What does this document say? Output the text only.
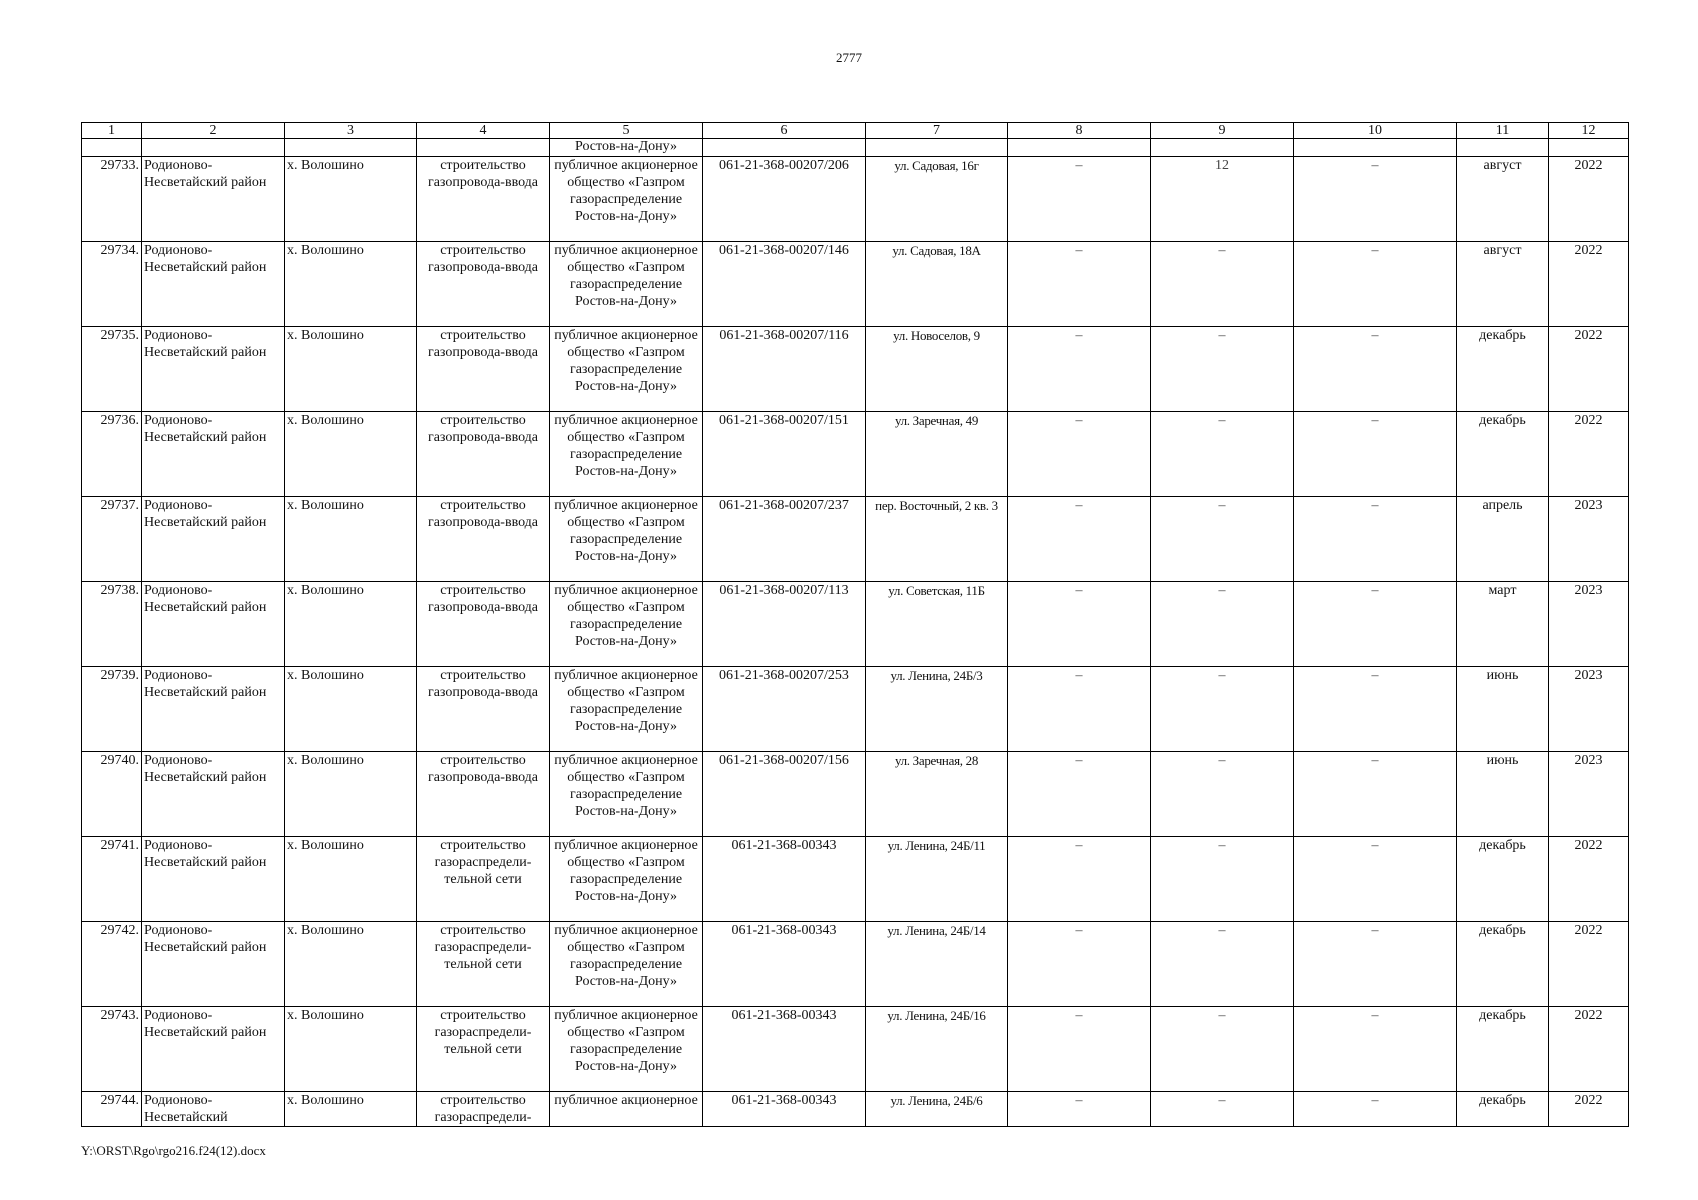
2777
1	2	3	4	5	6	7	8	9	10	11	12
				Ростов-на-Дону»							
29733.	Родионово-Несветайский район	х. Волошино	строительство газопровода-ввода	публичное акционерное общество «Газпром газораспределение Ростов-на-Дону»	061-21-368-00207/206	ул. Садовая, 16г	–	12	–	август	2022
29734.	Родионово-Несветайский район	х. Волошино	строительство газопровода-ввода	публичное акционерное общество «Газпром газораспределение Ростов-на-Дону»	061-21-368-00207/146	ул. Садовая, 18А	–	–	–	август	2022
29735.	Родионово-Несветайский район	х. Волошино	строительство газопровода-ввода	публичное акционерное общество «Газпром газораспределение Ростов-на-Дону»	061-21-368-00207/116	ул. Новоселов, 9	–	–	–	декабрь	2022
29736.	Родионово-Несветайский район	х. Волошино	строительство газопровода-ввода	публичное акционерное общество «Газпром газораспределение Ростов-на-Дону»	061-21-368-00207/151	ул. Заречная, 49	–	–	–	декабрь	2022
29737.	Родионово-Несветайский район	х. Волошино	строительство газопровода-ввода	публичное акционерное общество «Газпром газораспределение Ростов-на-Дону»	061-21-368-00207/237	пер. Восточный, 2 кв. 3	–	–	–	апрель	2023
29738.	Родионово-Несветайский район	х. Волошино	строительство газопровода-ввода	публичное акционерное общество «Газпром газораспределение Ростов-на-Дону»	061-21-368-00207/113	ул. Советская, 11Б	–	–	–	март	2023
29739.	Родионово-Несветайский район	х. Волошино	строительство газопровода-ввода	публичное акционерное общество «Газпром газораспределение Ростов-на-Дону»	061-21-368-00207/253	ул. Ленина, 24Б/3	–	–	–	июнь	2023
29740.	Родионово-Несветайский район	х. Волошино	строительство газопровода-ввода	публичное акционерное общество «Газпром газораспределение Ростов-на-Дону»	061-21-368-00207/156	ул. Заречная, 28	–	–	–	июнь	2023
29741.	Родионово-Несветайский район	х. Волошино	строительство газораспредели-тельной сети	публичное акционерное общество «Газпром газораспределение Ростов-на-Дону»	061-21-368-00343	ул. Ленина, 24Б/11	–	–	–	декабрь	2022
29742.	Родионово-Несветайский район	х. Волошино	строительство газораспредели-тельной сети	публичное акционерное общество «Газпром газораспределение Ростов-на-Дону»	061-21-368-00343	ул. Ленина, 24Б/14	–	–	–	декабрь	2022
29743.	Родионово-Несветайский район	х. Волошино	строительство газораспредели-тельной сети	публичное акционерное общество «Газпром газораспределение Ростов-на-Дону»	061-21-368-00343	ул. Ленина, 24Б/16	–	–	–	декабрь	2022
29744.	Родионово-Несветайский	х. Волошино	строительство газораспредели-	публичное акционерное	061-21-368-00343	ул. Ленина, 24Б/6	–	–	–	декабрь	2022
Y:\ORST\Rgo\rgo216.f24(12).docx
